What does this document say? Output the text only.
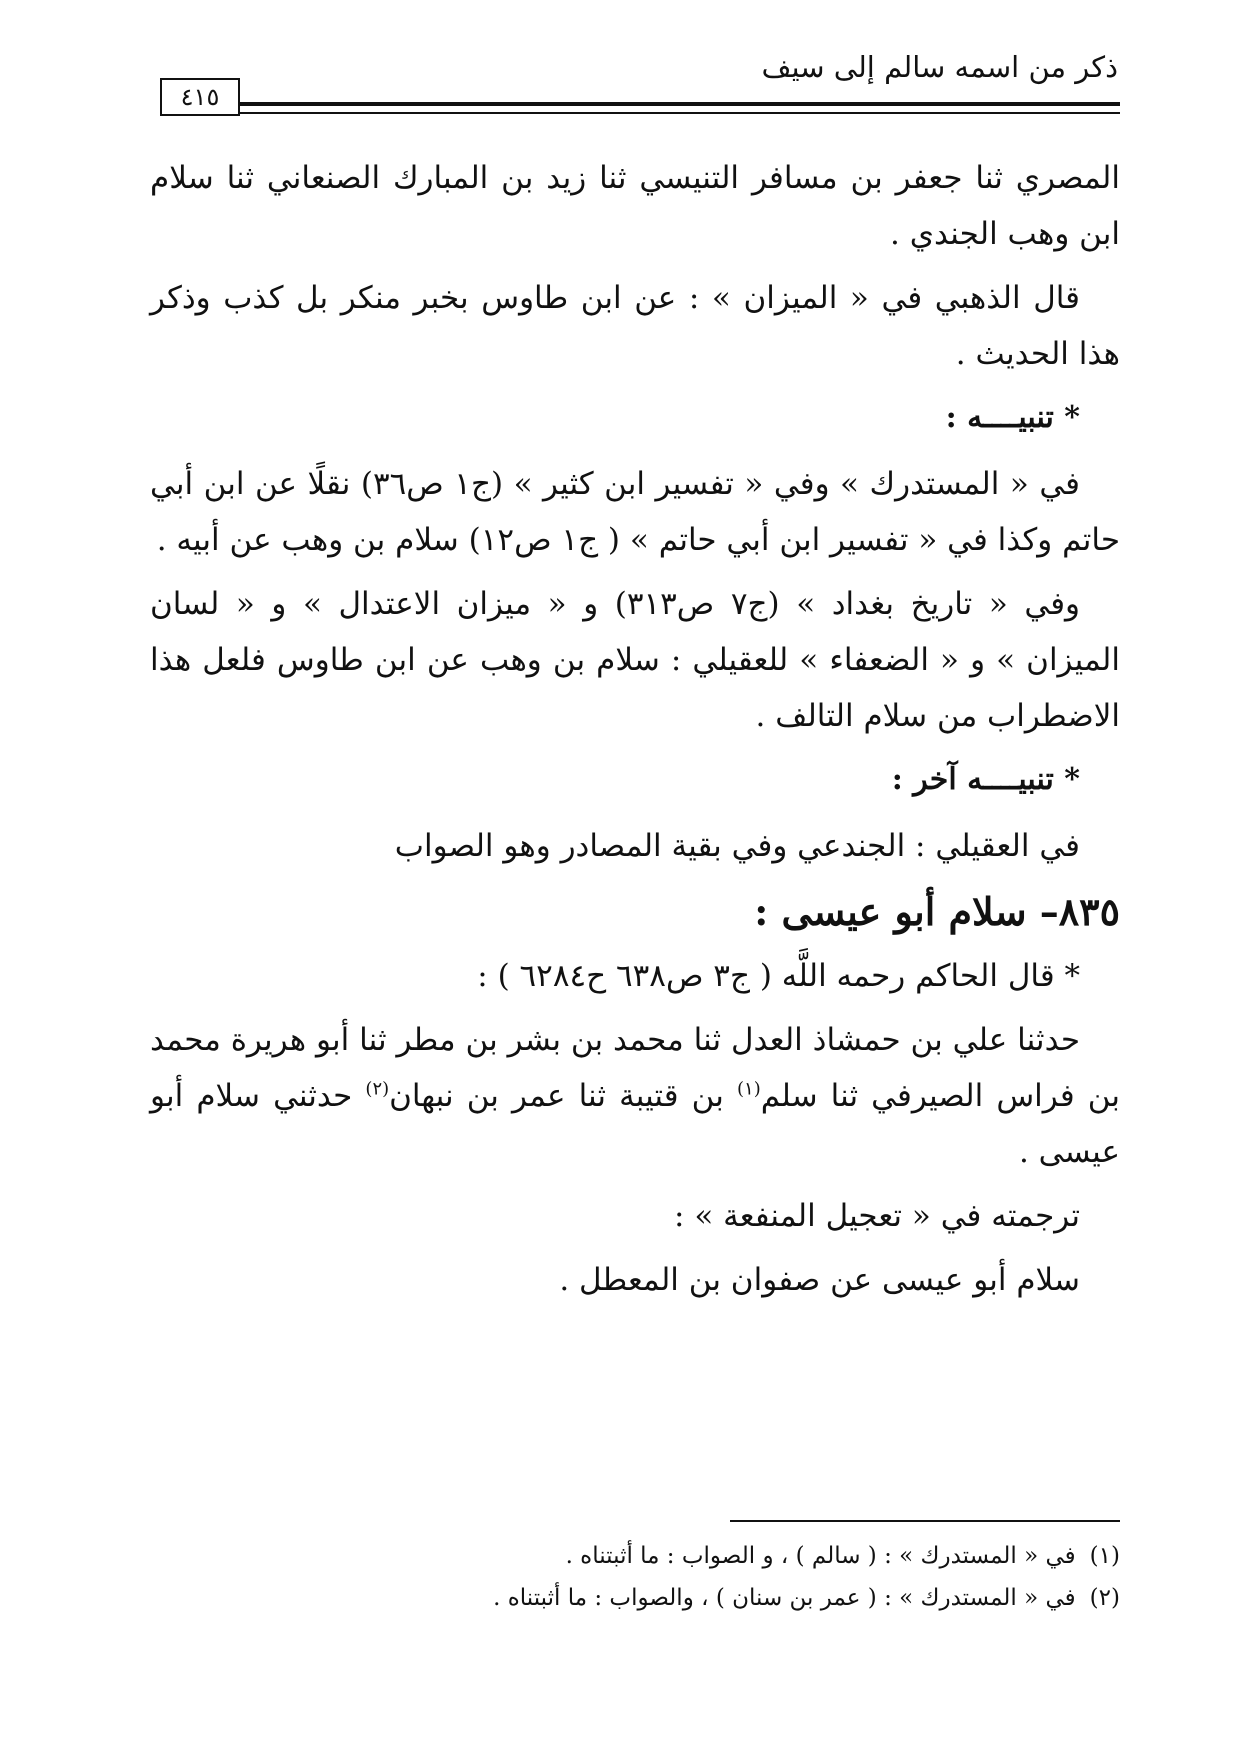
ذكر من اسمه سالم إلى سيف
٤١٥

المصري ثنا جعفر بن مسافر التنيسي ثنا زيد بن المبارك الصنعاني ثنا سلام ابن وهب الجندي .

قال الذهبي في « الميزان » : عن ابن طاوس بخبر منكر بل كذب وذكر هذا الحديث .

* تنبيــــه :

في « المستدرك » وفي « تفسير ابن كثير » (ج١ ص٣٦) نقلًا عن ابن أبي حاتم وكذا في « تفسير ابن أبي حاتم » ( ج١ ص١٢) سلام بن وهب عن أبيه .

وفي « تاريخ بغداد » (ج٧ ص٣١٣) و « ميزان الاعتدال » و « لسان الميزان » و « الضعفاء » للعقيلي : سلام بن وهب عن ابن طاوس فلعل هذا الاضطراب من سلام التالف .

* تنبيــــه آخر :
في العقيلي : الجندعي وفي بقية المصادر وهو الصواب
٨٣٥– سلام أبو عيسى :
* قال الحاكم رحمه اللَّه ( ج٣ ص٦٣٨ ح٦٢٨٤ ) :

حدثنا علي بن حمشاذ العدل ثنا محمد بن بشر بن مطر ثنا أبو هريرة محمد بن فراس الصيرفي ثنا سلم$^{(١)}$ بن قتيبة ثنا عمر بن نبهان$^{(٢)}$ حدثني سلام أبو عيسى .

ترجمته في « تعجيل المنفعة » :
سلام أبو عيسى عن صفوان بن المعطل .
(١)في « المستدرك » : ( سالم ) ، و الصواب : ما أثبتناه .
(٢)في « المستدرك » : ( عمر بن سنان ) ، والصواب : ما أثبتناه .
